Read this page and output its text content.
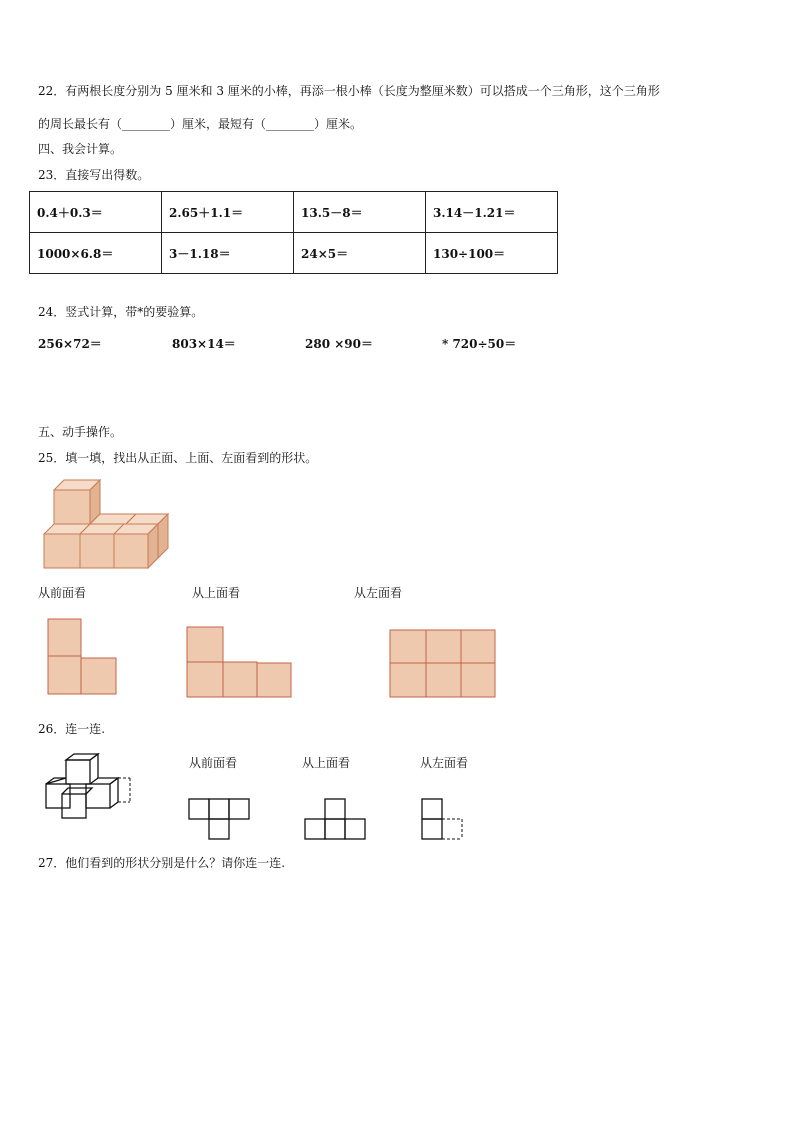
22．有两根长度分别为 5 厘米和 3 厘米的小棒，再添一根小棒（长度为整厘米数）可以搭成一个三角形，这个三角形
的周长最长有（________）厘米，最短有（________）厘米。
四、我会计算。
23．直接写出得数。
0.4＋0.3＝	2.65＋1.1＝	13.5－8＝	3.14－1.21＝
1000×6.8＝	3－1.18＝	24×5＝	130÷100＝
24．竖式计算，带*的要验算。
256×72＝	803×14＝	280 ×90＝	* 720÷50＝
五、动手操作。
25．填一填，找出从正面、上面、左面看到的形状。
从前面看	从上面看	从左面看
26．连一连.
从前面看	从上面看	从左面看
27．他们看到的形状分别是什么？请你连一连.
